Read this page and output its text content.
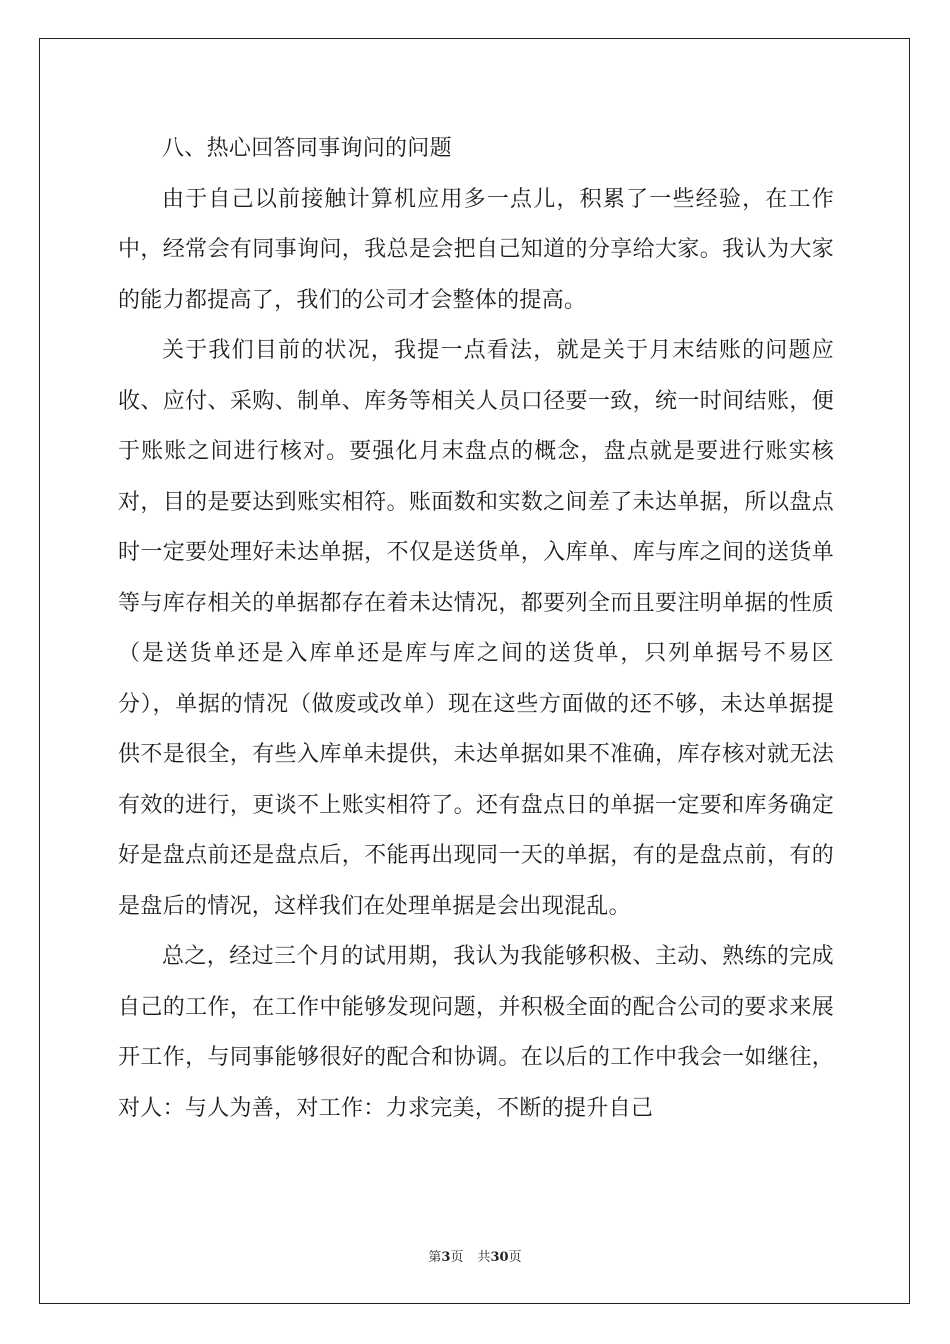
八、热心回答同事询问的问题

由于自己以前接触计算机应用多一点儿，积累了一些经验，在工作中，经常会有同事询问，我总是会把自己知道的分享给大家。我认为大家的能力都提高了，我们的公司才会整体的提高。

关于我们目前的状况，我提一点看法，就是关于月末结账的问题应收、应付、采购、制单、库务等相关人员口径要一致，统一时间结账，便于账账之间进行核对。要强化月末盘点的概念，盘点就是要进行账实核对，目的是要达到账实相符。账面数和实数之间差了未达单据，所以盘点时一定要处理好未达单据，不仅是送货单，入库单、库与库之间的送货单等与库存相关的单据都存在着未达情况，都要列全而且要注明单据的性质（是送货单还是入库单还是库与库之间的送货单，只列单据号不易区分），单据的情况（做废或改单）现在这些方面做的还不够，未达单据提供不是很全，有些入库单未提供，未达单据如果不准确，库存核对就无法有效的进行，更谈不上账实相符了。还有盘点日的单据一定要和库务确定好是盘点前还是盘点后，不能再出现同一天的单据，有的是盘点前，有的是盘后的情况，这样我们在处理单据是会出现混乱。

总之，经过三个月的试用期，我认为我能够积极、主动、熟练的完成自己的工作，在工作中能够发现问题，并积极全面的配合公司的要求来展开工作，与同事能够很好的配合和协调。在以后的工作中我会一如继往，对人：与人为善，对工作：力求完美，不断的提升自己

第3页 共30页
